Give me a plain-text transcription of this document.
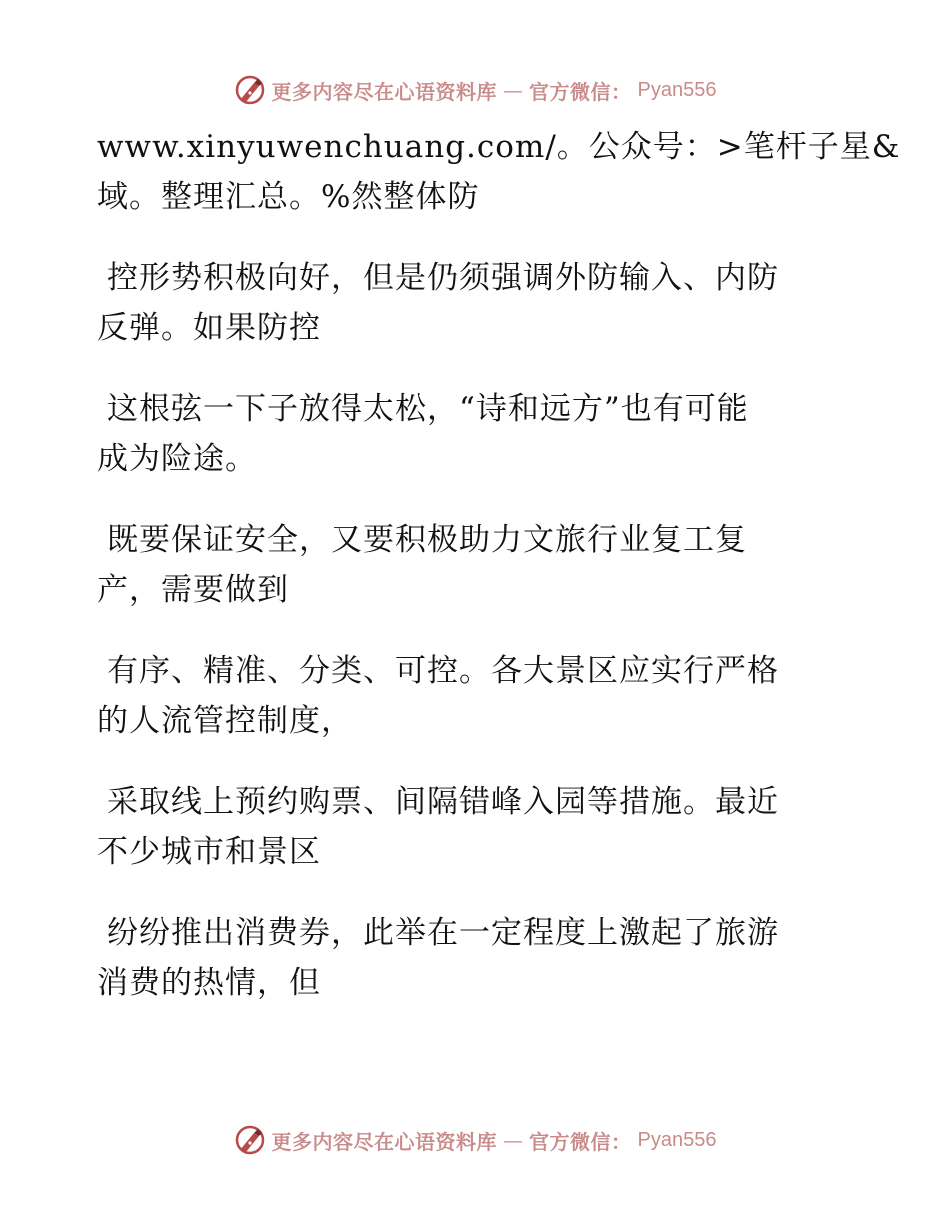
更多内容尽在心语资料库 — 官方微信： Pyan556

www.xinyuwenchuang.com/。公众号：>笔杆子星&
域。整理汇总。%然整体防

控形势积极向好，但是仍须强调外防输入、内防
反弹。如果防控

这根弦一下子放得太松，“诗和远方”也有可能
成为险途。

既要保证安全，又要积极助力文旅行业复工复
产，需要做到

有序、精准、分类、可控。各大景区应实行严格
的人流管控制度，

采取线上预约购票、间隔错峰入园等措施。最近
不少城市和景区

纷纷推出消费券，此举在一定程度上激起了旅游
消费的热情，但

更多内容尽在心语资料库 — 官方微信： Pyan556
